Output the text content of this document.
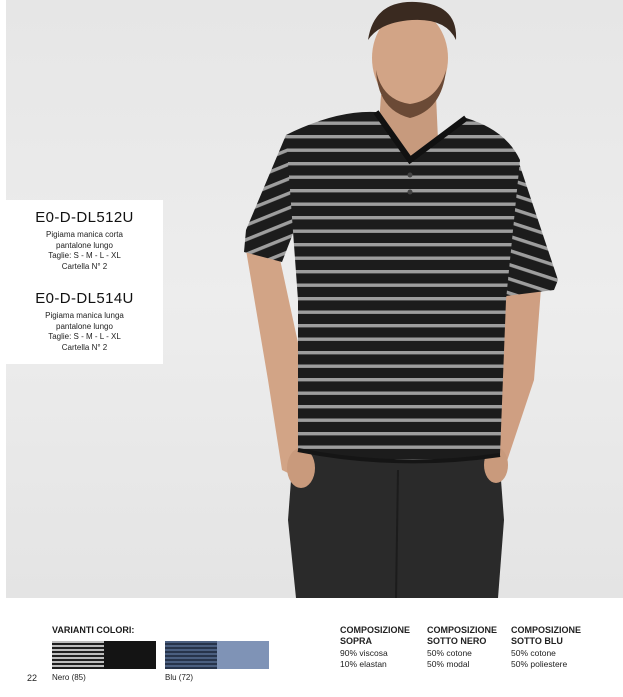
E0-D-DL512U
Pigiama manica corta
pantalone lungo
Taglie: S - M - L - XL
Cartella N° 2
E0-D-DL514U
Pigiama manica lunga
pantalone lungo
Taglie: S - M - L - XL
Cartella N° 2
VARIANTI COLORI:
22 Nero (85)	Blu (72)
COMPOSIZIONE
SOPRA
90% viscosa
10% elastan
COMPOSIZIONE
SOTTO NERO
50% cotone
50% modal
COMPOSIZIONE
SOTTO BLU
50% cotone
50% poliestere
